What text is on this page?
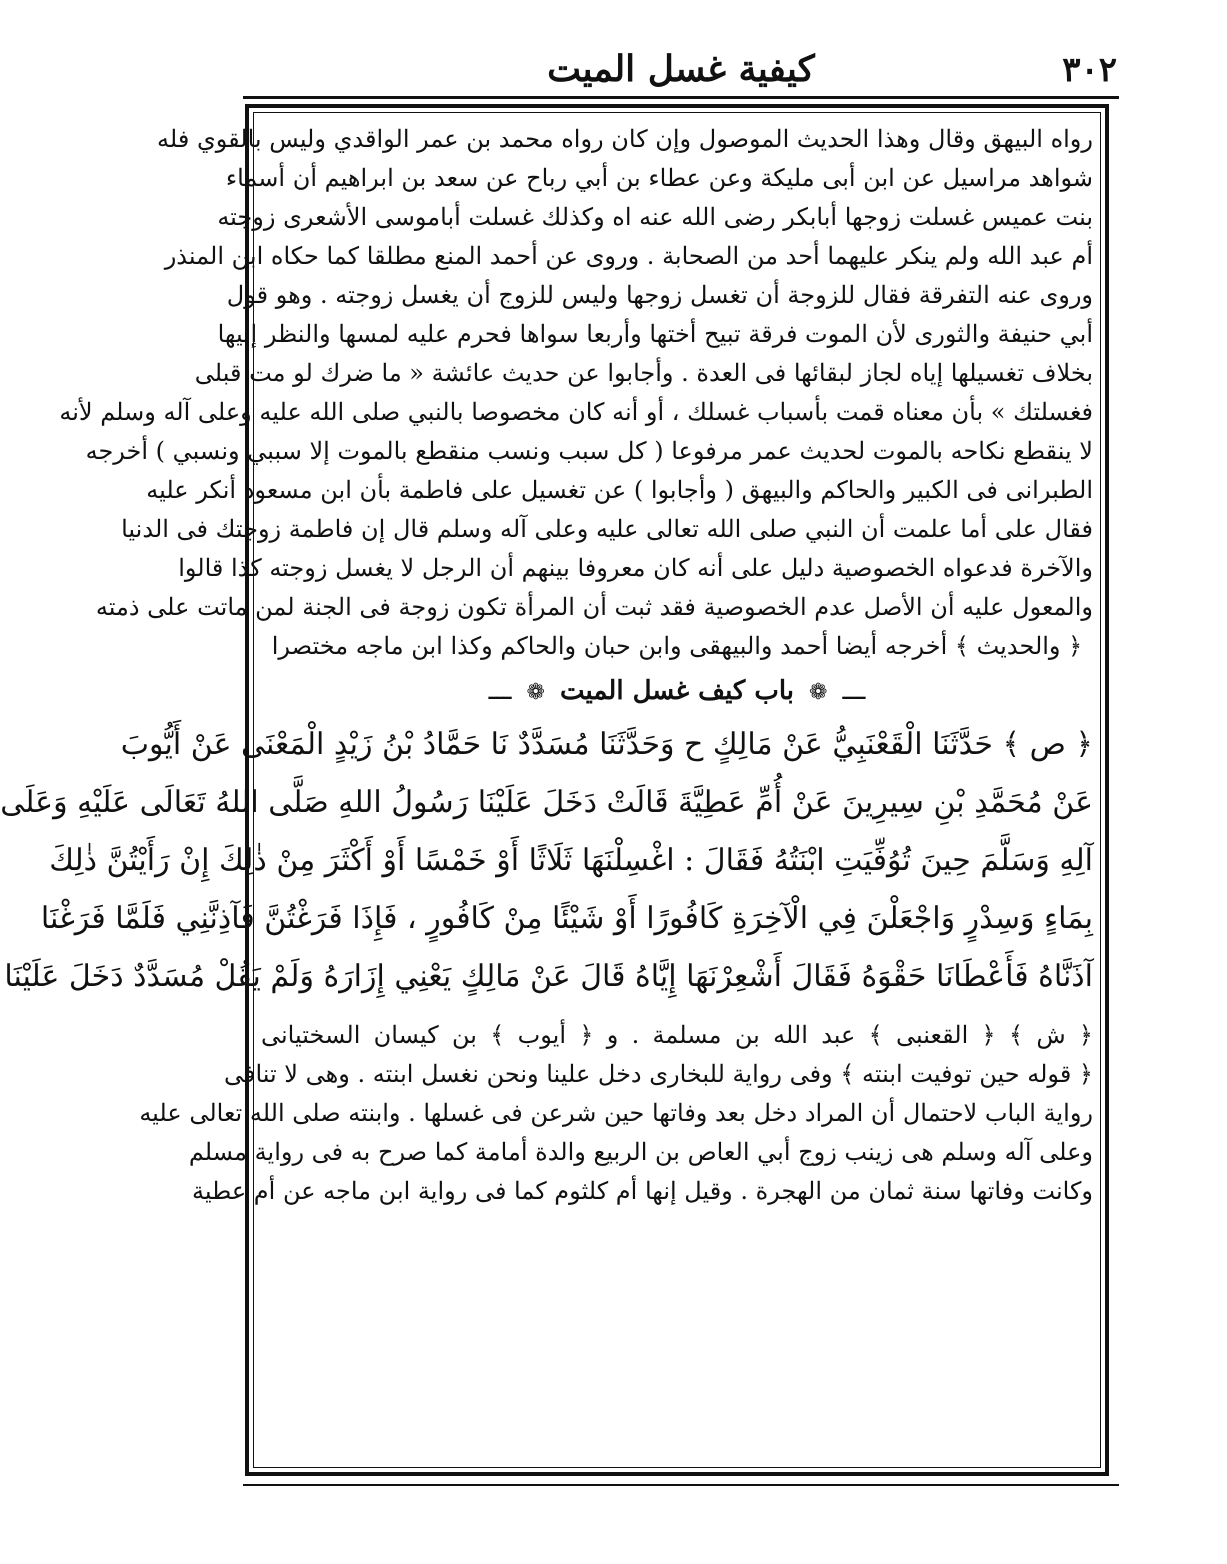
٣٠٢
كيفية غسل الميت
رواه البيهق وقال وهذا الحديث الموصول وإن كان رواه محمد بن عمر الواقدي وليس بالقوي فله
شواهد مراسيل عن ابن أبى مليكة وعن عطاء بن أبي رباح عن سعد بن ابراهيم أن أسماء
بنت عميس غسلت زوجها أبابكر رضى الله عنه اه وكذلك غسلت أباموسى الأشعرى زوجته
أم عبد الله ولم ينكر عليهما أحد من الصحابة . وروى عن أحمد المنع مطلقا كما حكاه ابن المنذر
وروى عنه التفرقة فقال للزوجة أن تغسل زوجها وليس للزوج أن يغسل زوجته . وهو قول
أبي حنيفة والثورى لأن الموت فرقة تبيح أختها وأربعا سواها فحرم عليه لمسها والنظر إليها
بخلاف تغسيلها إياه لجاز لبقائها فى العدة . وأجابوا عن حديث عائشة « ما ضرك لو مت قبلى
فغسلتك » بأن معناه قمت بأسباب غسلك ، أو أنه كان مخصوصا بالنبي صلى الله عليه وعلى آله وسلم لأنه
لا ينقطع نكاحه بالموت لحديث عمر مرفوعا ( كل سبب ونسب منقطع بالموت إلا سببي ونسبي ) أخرجه
الطبرانى فى الكبير والحاكم والبيهق ( وأجابوا ) عن تغسيل على فاطمة بأن ابن مسعود أنكر عليه
فقال على أما علمت أن النبي صلى الله تعالى عليه وعلى آله وسلم قال إن فاطمة زوجتك فى الدنيا
والآخرة فدعواه الخصوصية دليل على أنه كان معروفا بينهم أن الرجل لا يغسل زوجته كذا قالوا
والمعول عليه أن الأصل عدم الخصوصية فقد ثبت أن المرأة تكون زوجة فى الجنة لمن ماتت على ذمته
﴿ والحديث ﴾ أخرجه أيضا أحمد والبيهقى وابن حبان والحاكم وكذا ابن ماجه مختصرا
ـــ ❁ باب كيف غسل الميت ❁ ـــ
﴿ ص ﴾ حَدَّثَنَا الْقَعْنَبِيُّ عَنْ مَالِكٍ ح وَحَدَّثَنَا مُسَدَّدٌ نَا حَمَّادُ بْنُ زَيْدٍ الْمَعْنَى عَنْ أَيُّوبَ
عَنْ مُحَمَّدِ بْنِ سِيرِينَ عَنْ أُمِّ عَطِيَّةَ قَالَتْ دَخَلَ عَلَيْنَا رَسُولُ اللهِ صَلَّى اللهُ تَعَالَى عَلَيْهِ وَعَلَى
آلِهِ وَسَلَّمَ حِينَ تُوُفِّيَتِ ابْنَتُهُ فَقَالَ : اغْسِلْنَهَا ثَلَاثًا أَوْ خَمْسًا أَوْ أَكْثَرَ مِنْ ذٰلِكَ إِنْ رَأَيْتُنَّ ذٰلِكَ
بِمَاءٍ وَسِدْرٍ وَاجْعَلْنَ فِي الْآخِرَةِ كَافُورًا أَوْ شَيْئًا مِنْ كَافُورٍ ، فَإِذَا فَرَغْتُنَّ فَآذِنَّنِي فَلَمَّا فَرَغْنَا
آذَنَّاهُ فَأَعْطَانَا حَقْوَهُ فَقَالَ أَشْعِرْنَهَا إِيَّاهُ قَالَ عَنْ مَالِكٍ يَعْنِي إِزَارَهُ وَلَمْ يَقُلْ مُسَدَّدٌ دَخَلَ عَلَيْنَا
﴿ ش ﴾ ﴿ القعنبى ﴾ عبد الله بن مسلمة . و ﴿ أيوب ﴾ بن كيسان السختيانى
﴿ قوله حين توفيت ابنته ﴾ وفى رواية للبخارى دخل علينا ونحن نغسل ابنته . وهى لا تنافى
رواية الباب لاحتمال أن المراد دخل بعد وفاتها حين شرعن فى غسلها . وابنته صلى الله تعالى عليه
وعلى آله وسلم هى زينب زوج أبي العاص بن الربيع والدة أمامة كما صرح به فى رواية مسلم
وكانت وفاتها سنة ثمان من الهجرة . وقيل إنها أم كلثوم كما فى رواية ابن ماجه عن أم عطية
